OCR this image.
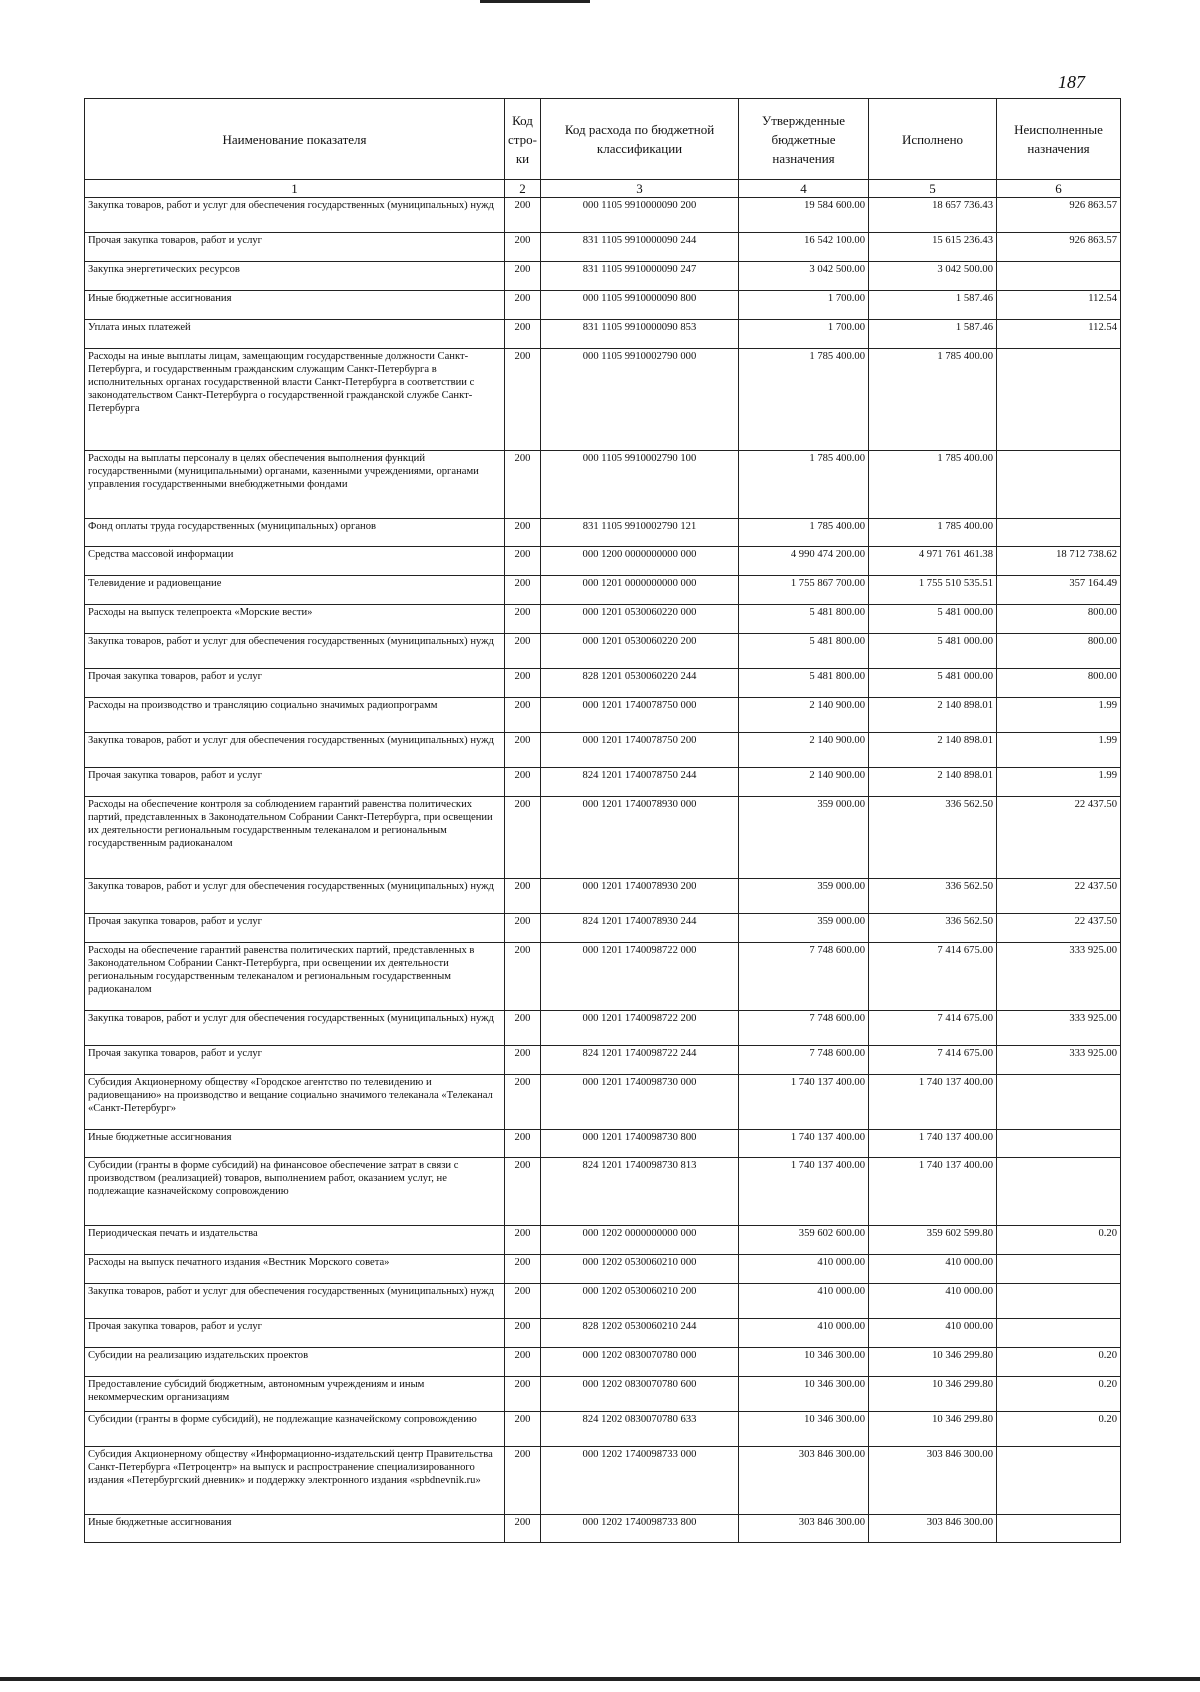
187
Наименование показателя	Код стро- ки	Код расхода по бюджетной классификации	Утвержденные бюджетные назначения	Исполнено	Неисполненные назначения
1	2	3	4	5	6
Закупка товаров, работ и услуг для обеспечения государственных (муниципальных) нужд	200	000 1105 9910000090 200	19 584 600.00	18 657 736.43	926 863.57
Прочая закупка товаров, работ и услуг	200	831 1105 9910000090 244	16 542 100.00	15 615 236.43	926 863.57
Закупка энергетических ресурсов	200	831 1105 9910000090 247	3 042 500.00	3 042 500.00	
Иные бюджетные ассигнования	200	000 1105 9910000090 800	1 700.00	1 587.46	112.54
Уплата иных платежей	200	831 1105 9910000090 853	1 700.00	1 587.46	112.54
Расходы на иные выплаты лицам, замещающим государственные должности Санкт-Петербурга, и государственным гражданским служащим Санкт-Петербурга в исполнительных органах государственной власти Санкт-Петербурга в соответствии с законодательством Санкт-Петербурга о государственной гражданской службе Санкт-Петербурга	200	000 1105 9910002790 000	1 785 400.00	1 785 400.00	
Расходы на выплаты персоналу в целях обеспечения выполнения функций государственными (муниципальными) органами, казенными учреждениями, органами управления государственными внебюджетными фондами	200	000 1105 9910002790 100	1 785 400.00	1 785 400.00	
Фонд оплаты труда государственных (муниципальных) органов	200	831 1105 9910002790 121	1 785 400.00	1 785 400.00	
Средства массовой информации	200	000 1200 0000000000 000	4 990 474 200.00	4 971 761 461.38	18 712 738.62
Телевидение и радиовещание	200	000 1201 0000000000 000	1 755 867 700.00	1 755 510 535.51	357 164.49
Расходы на выпуск телепроекта «Морские вести»	200	000 1201 0530060220 000	5 481 800.00	5 481 000.00	800.00
Закупка товаров, работ и услуг для обеспечения государственных (муниципальных) нужд	200	000 1201 0530060220 200	5 481 800.00	5 481 000.00	800.00
Прочая закупка товаров, работ и услуг	200	828 1201 0530060220 244	5 481 800.00	5 481 000.00	800.00
Расходы на производство и трансляцию социально значимых радиопрограмм	200	000 1201 1740078750 000	2 140 900.00	2 140 898.01	1.99
Закупка товаров, работ и услуг для обеспечения государственных (муниципальных) нужд	200	000 1201 1740078750 200	2 140 900.00	2 140 898.01	1.99
Прочая закупка товаров, работ и услуг	200	824 1201 1740078750 244	2 140 900.00	2 140 898.01	1.99
Расходы на обеспечение контроля за соблюдением гарантий равенства политических партий, представленных в Законодательном Собрании Санкт-Петербурга, при освещении их деятельности региональным государственным телеканалом и региональным государственным радиоканалом	200	000 1201 1740078930 000	359 000.00	336 562.50	22 437.50
Закупка товаров, работ и услуг для обеспечения государственных (муниципальных) нужд	200	000 1201 1740078930 200	359 000.00	336 562.50	22 437.50
Прочая закупка товаров, работ и услуг	200	824 1201 1740078930 244	359 000.00	336 562.50	22 437.50
Расходы на обеспечение гарантий равенства политических партий, представленных в Законодательном Собрании Санкт-Петербурга, при освещении их деятельности региональным государственным телеканалом и региональным государственным радиоканалом	200	000 1201 1740098722 000	7 748 600.00	7 414 675.00	333 925.00
Закупка товаров, работ и услуг для обеспечения государственных (муниципальных) нужд	200	000 1201 1740098722 200	7 748 600.00	7 414 675.00	333 925.00
Прочая закупка товаров, работ и услуг	200	824 1201 1740098722 244	7 748 600.00	7 414 675.00	333 925.00
Субсидия Акционерному обществу «Городское агентство по телевидению и радиовещанию» на производство и вещание социально значимого телеканала «Телеканал «Санкт-Петербург»	200	000 1201 1740098730 000	1 740 137 400.00	1 740 137 400.00	
Иные бюджетные ассигнования	200	000 1201 1740098730 800	1 740 137 400.00	1 740 137 400.00	
Субсидии (гранты в форме субсидий) на финансовое обеспечение затрат в связи с производством (реализацией) товаров, выполнением работ, оказанием услуг, не подлежащие казначейскому сопровождению	200	824 1201 1740098730 813	1 740 137 400.00	1 740 137 400.00	
Периодическая печать и издательства	200	000 1202 0000000000 000	359 602 600.00	359 602 599.80	0.20
Расходы на выпуск печатного издания «Вестник Морского совета»	200	000 1202 0530060210 000	410 000.00	410 000.00	
Закупка товаров, работ и услуг для обеспечения государственных (муниципальных) нужд	200	000 1202 0530060210 200	410 000.00	410 000.00	
Прочая закупка товаров, работ и услуг	200	828 1202 0530060210 244	410 000.00	410 000.00	
Субсидии на реализацию издательских проектов	200	000 1202 0830070780 000	10 346 300.00	10 346 299.80	0.20
Предоставление субсидий бюджетным, автономным учреждениям и иным некоммерческим организациям	200	000 1202 0830070780 600	10 346 300.00	10 346 299.80	0.20
Субсидии (гранты в форме субсидий), не подлежащие казначейскому сопровождению	200	824 1202 0830070780 633	10 346 300.00	10 346 299.80	0.20
Субсидия Акционерному обществу «Информационно-издательский центр Правительства Санкт-Петербурга «Петроцентр» на выпуск и распространение специализированного издания «Петербургский дневник» и поддержку электронного издания «spbdnevnik.ru»	200	000 1202 1740098733 000	303 846 300.00	303 846 300.00	
Иные бюджетные ассигнования	200	000 1202 1740098733 800	303 846 300.00	303 846 300.00	
